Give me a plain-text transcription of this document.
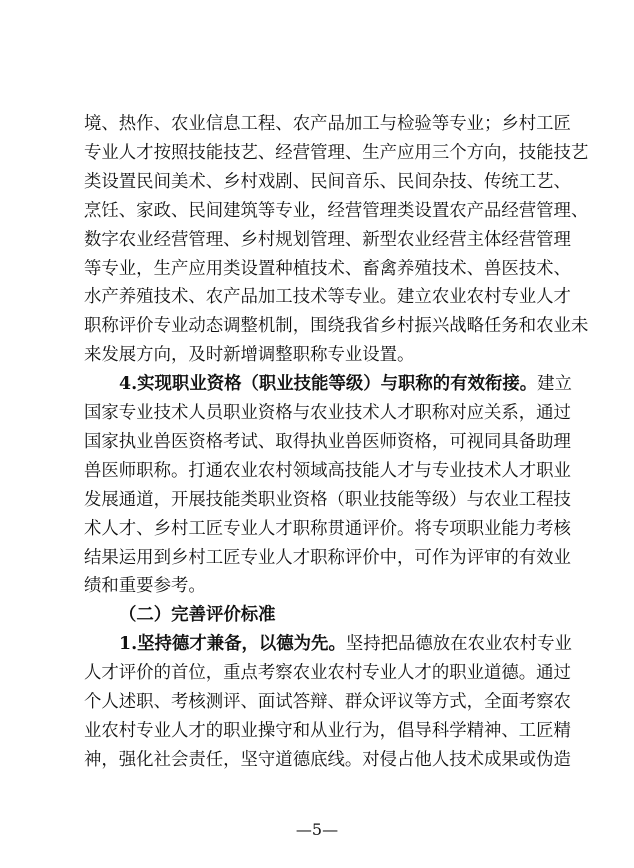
境、热作、农业信息工程、农产品加工与检验等专业；乡村工匠
专业人才按照技能技艺、经营管理、生产应用三个方向，技能技艺
类设置民间美术、乡村戏剧、民间音乐、民间杂技、传统工艺、
烹饪、家政、民间建筑等专业，经营管理类设置农产品经营管理、
数字农业经营管理、乡村规划管理、新型农业经营主体经营管理
等专业，生产应用类设置种植技术、畜禽养殖技术、兽医技术、
水产养殖技术、农产品加工技术等专业。建立农业农村专业人才
职称评价专业动态调整机制，围绕我省乡村振兴战略任务和农业未
来发展方向，及时新增调整职称专业设置。
4.实现职业资格（职业技能等级）与职称的有效衔接。建立
国家专业技术人员职业资格与农业技术人才职称对应关系，通过
国家执业兽医资格考试、取得执业兽医师资格，可视同具备助理
兽医师职称。打通农业农村领域高技能人才与专业技术人才职业
发展通道，开展技能类职业资格（职业技能等级）与农业工程技
术人才、乡村工匠专业人才职称贯通评价。将专项职业能力考核
结果运用到乡村工匠专业人才职称评价中，可作为评审的有效业
绩和重要参考。
（二）完善评价标准
1.坚持德才兼备，以德为先。坚持把品德放在农业农村专业
人才评价的首位，重点考察农业农村专业人才的职业道德。通过
个人述职、考核测评、面试答辩、群众评议等方式，全面考察农
业农村专业人才的职业操守和从业行为，倡导科学精神、工匠精
神，强化社会责任，坚守道德底线。对侵占他人技术成果或伪造
—5—
